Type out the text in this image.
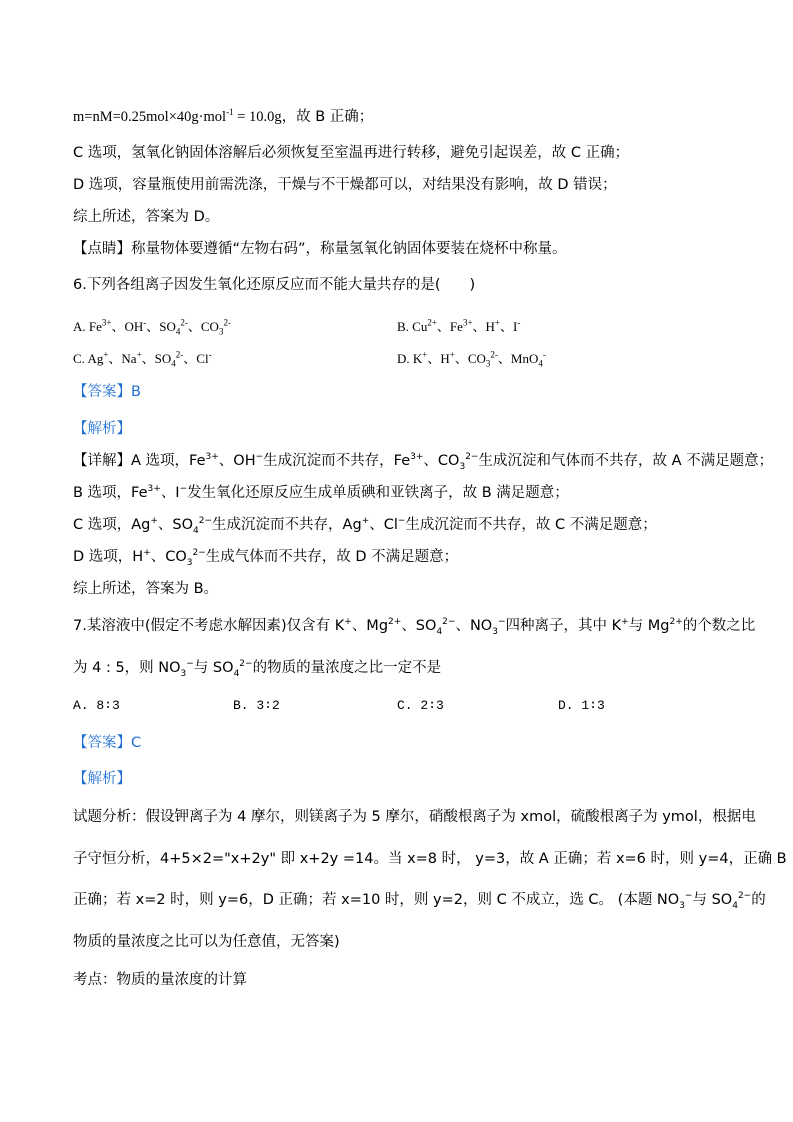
m=nM=0.25mol×40g·mol$^{-1}$ = 10.0g，故 B 正确；
C 选项，氢氧化钠固体溶解后必须恢复至室温再进行转移，避免引起误差，故 C 正确；
D 选项，容量瓶使用前需洗涤，干燥与不干燥都可以，对结果没有影响，故 D 错误；
综上所述，答案为 D。
【点睛】称量物体要遵循“左物右码”，称量氢氧化钠固体要装在烧杯中称量。
6.下列各组离子因发生氧化还原反应而不能大量共存的是(　　)
A. $Fe^{3+}$、OH-、$SO_4^{2-}$、$CO_3^{2-}$	B. $Cu^{2+}$、$Fe^{3+}$、H+、I-
C. Ag+、Na+、$SO_4^{2-}$、Cl-	D. K+、H+、$CO_3^{2-}$、MnO$_4$-
【答案】B
【解析】
【详解】A 选项，$Fe^{3+}$、OH−生成沉淀而不共存，$Fe^{3+}$、$CO_3^{2-}$生成沉淀和气体而不共存，故 A 不满足题意；
B 选项，$Fe^{3+}$、I−发生氧化还原反应生成单质碘和亚铁离子，故 B 满足题意；
C 选项，Ag+、$SO_4^{2-}$生成沉淀而不共存，Ag+、Cl−生成沉淀而不共存，故 C 不满足题意；
D 选项，H+、$CO_3^{2-}$生成气体而不共存，故 D 不满足题意；
综上所述，答案为 B。
7.某溶液中(假定不考虑水解因素)仅含有 K+、$Mg^{2+}$、$SO_4^{2-}$、$NO_3^-$四种离子，其中 K+与 $Mg^{2+}$的个数之比
为 4 : 5，则 $NO_3^-$与 $SO_4^{2-}$的物质的量浓度之比一定不是
A. 8∶3	B. 3∶2	C. 2∶3	D. 1∶3
【答案】C
【解析】
试题分析：假设钾离子为 4 摩尔，则镁离子为 5 摩尔，硝酸根离子为 xmol，硫酸根离子为 ymol，根据电
子守恒分析，4+5×2="x+2y" 即 x+2y =14。当 x=8 时， y=3，故 A 正确；若 x=6 时，则 y=4，正确 B
正确；若 x=2 时，则 y=6，D 正确；若 x=10 时，则 y=2，则 C 不成立，选 C。 (本题 $NO_3^-$与 $SO_4^{2-}$的
物质的量浓度之比可以为任意值，无答案)
考点：物质的量浓度的计算
